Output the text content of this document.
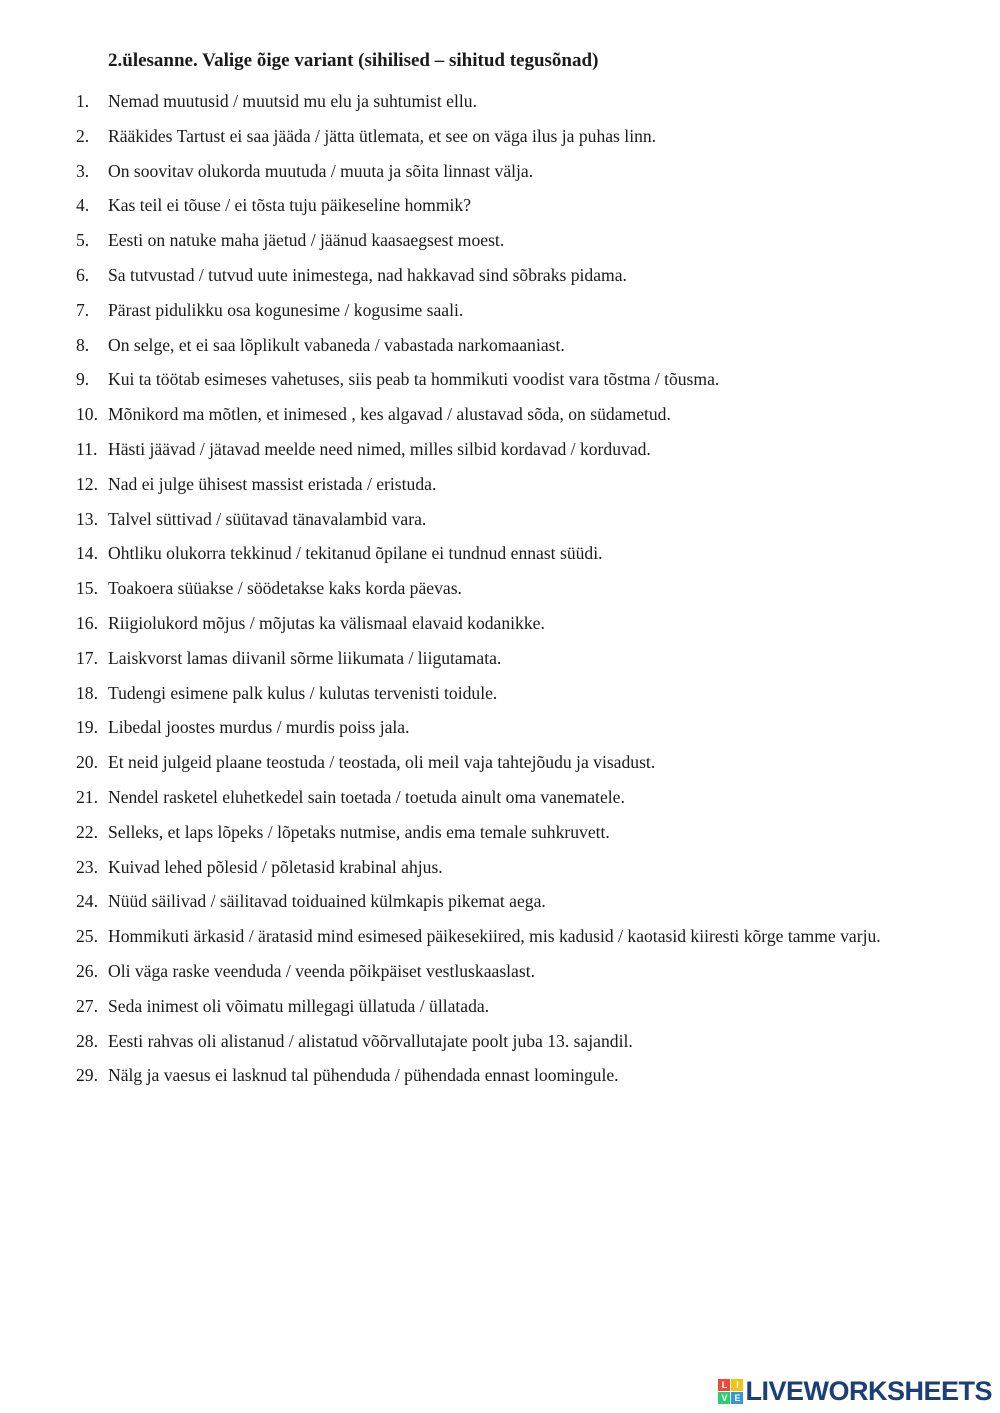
2.ülesanne. Valige õige variant (sihilised – sihitud tegusõnad)
1.	Nemad muutusid / muutsid mu elu ja suhtumist ellu.
2.	Rääkides Tartust ei saa jääda / jätta ütlemata, et see on väga ilus ja puhas linn.
3.	On soovitav olukorda muutuda / muuta ja sõita linnast välja.
4.	Kas teil ei tõuse / ei tõsta tuju päikeseline hommik?
5.	Eesti on natuke maha jäetud / jäänud kaasaegsest moest.
6.	Sa tutvustad / tutvud uute inimestega, nad hakkavad sind sõbraks pidama.
7.	Pärast pidulikku osa kogunesime / kogusime saali.
8.	On selge, et ei saa lõplikult vabaneda / vabastada narkomaaniast.
9.	Kui ta töötab esimeses vahetuses, siis peab ta hommikuti voodist vara tõstma / tõusma.
10. Mõnikord ma mõtlen, et inimesed , kes algavad / alustavad sõda, on südametud.
11. Hästi jäävad / jätavad meelde need nimed, milles silbid kordavad / korduvad.
12. Nad ei julge ühisest massist eristada / eristuda.
13. Talvel süttivad / süütavad tänavalambid vara.
14. Ohtliku olukorra tekkinud / tekitanud õpilane ei tundnud ennast süüdi.
15. Toakoera süüakse / söödetakse kaks korda päevas.
16. Riigiolukord mõjus / mõjutas ka välismaal elavaid kodanikke.
17. Laiskvorst lamas diivanil sõrme liikumata / liigutamata.
18. Tudengi esimene palk kulus / kulutas tervenisti toidule.
19. Libedal joostes murdus / murdis poiss jala.
20. Et neid julgeid plaane teostuda / teostada, oli meil vaja tahtejõudu ja visadust.
21. Nendel rasketel eluhetkedel sain toetada / toetuda ainult oma vanematele.
22. Selleks, et laps lõpeks / lõpetaks nutmise, andis ema temale suhkruvett.
23. Kuivad lehed põlesid / põletasid krabinal ahjus.
24. Nüüd säilivad / säilitavad toiduained külmkapis pikemat aega.
25. Hommikuti ärkasid / äratasid mind esimesed päikesekiired, mis kadusid / kaotasid kiiresti kõrge tamme varju.
26. Oli väga raske veenduda / veenda põikpäiset vestluskaaslast.
27. Seda inimest oli võimatu millegagi üllatuda / üllatada.
28. Eesti rahvas oli alistanud / alistatud võõrvallutajate poolt juba 13. sajandil.
29. Nälg ja vaesus ei lasknud tal pühenduda / pühendada ennast loomingule.
L I
V E LIVEWORKSHEETS
